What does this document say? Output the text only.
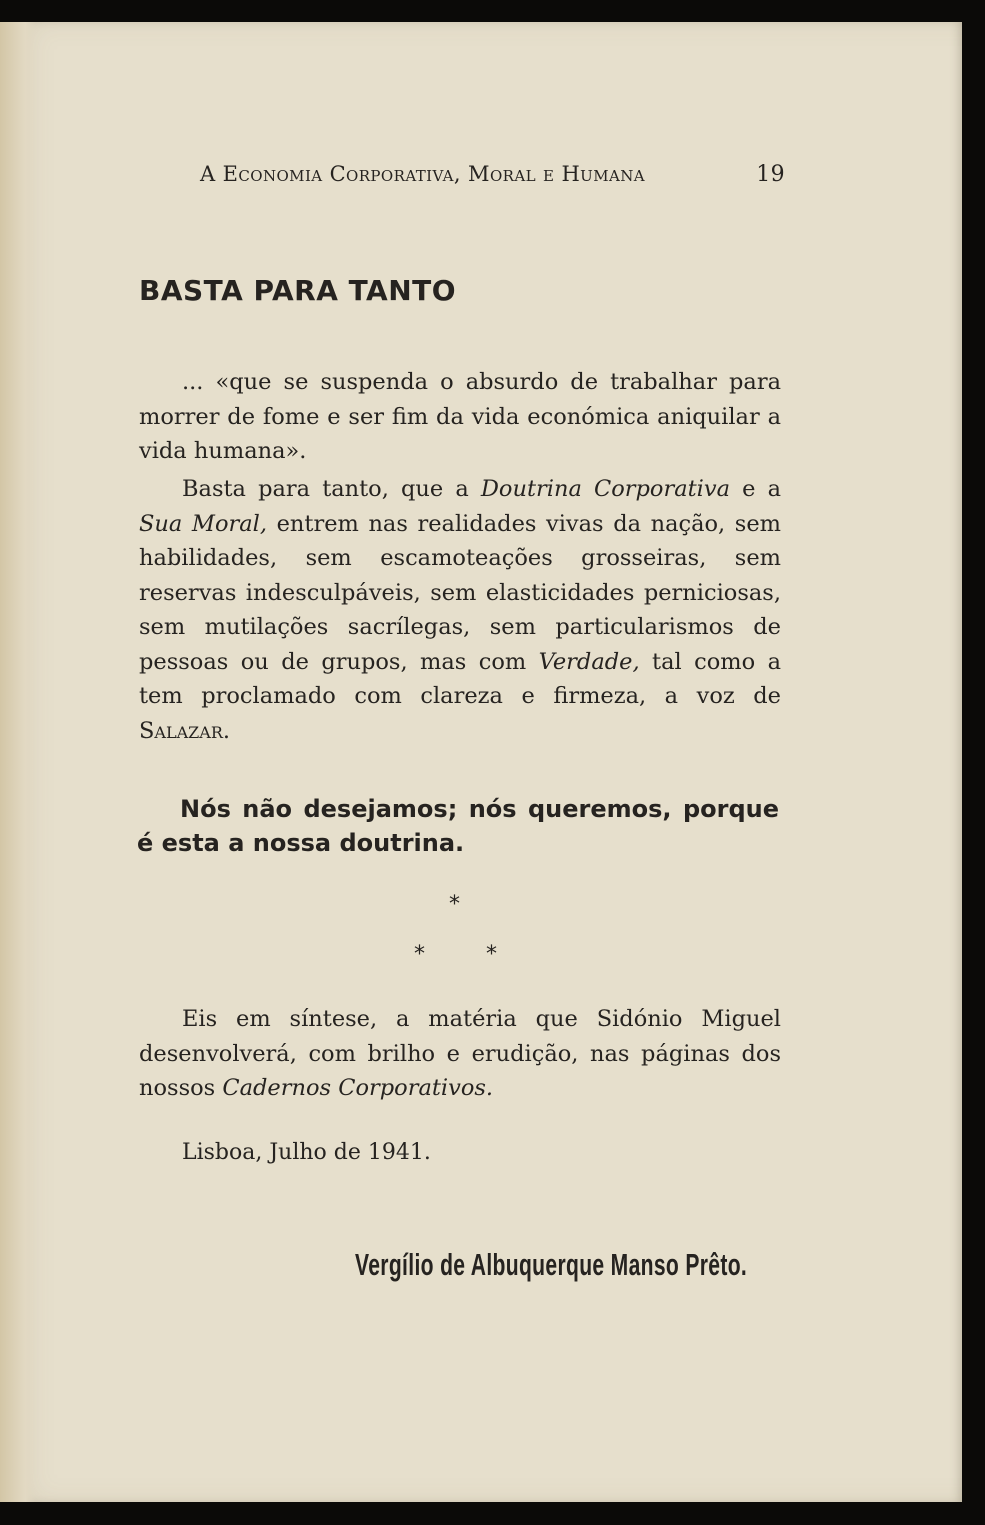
A Economia Corporativa, Moral e Humana	19
BASTA PARA TANTO

... «que se suspenda o absurdo de trabalhar para morrer de fome e ser fim da vida económica aniquilar a vida humana».

Basta para tanto, que a Doutrina Corporativa e a Sua Moral, entrem nas realidades vivas da nação, sem habilidades, sem escamoteações grosseiras, sem reservas indesculpáveis, sem elasticidades perniciosas, sem mutilações sacrílegas, sem particularismos de pessoas ou de grupos, mas com Verdade, tal como a tem proclamado com clareza e firmeza, a voz de Salazar.

Nós não desejamos; nós queremos, porque é esta a nossa doutrina.
*
*	*

Eis em síntese, a matéria que Sidónio Miguel desenvolverá, com brilho e erudição, nas páginas dos nossos Cadernos Corporativos.

Lisboa, Julho de 1941.
Vergílio de Albuquerque Manso Prêto.
